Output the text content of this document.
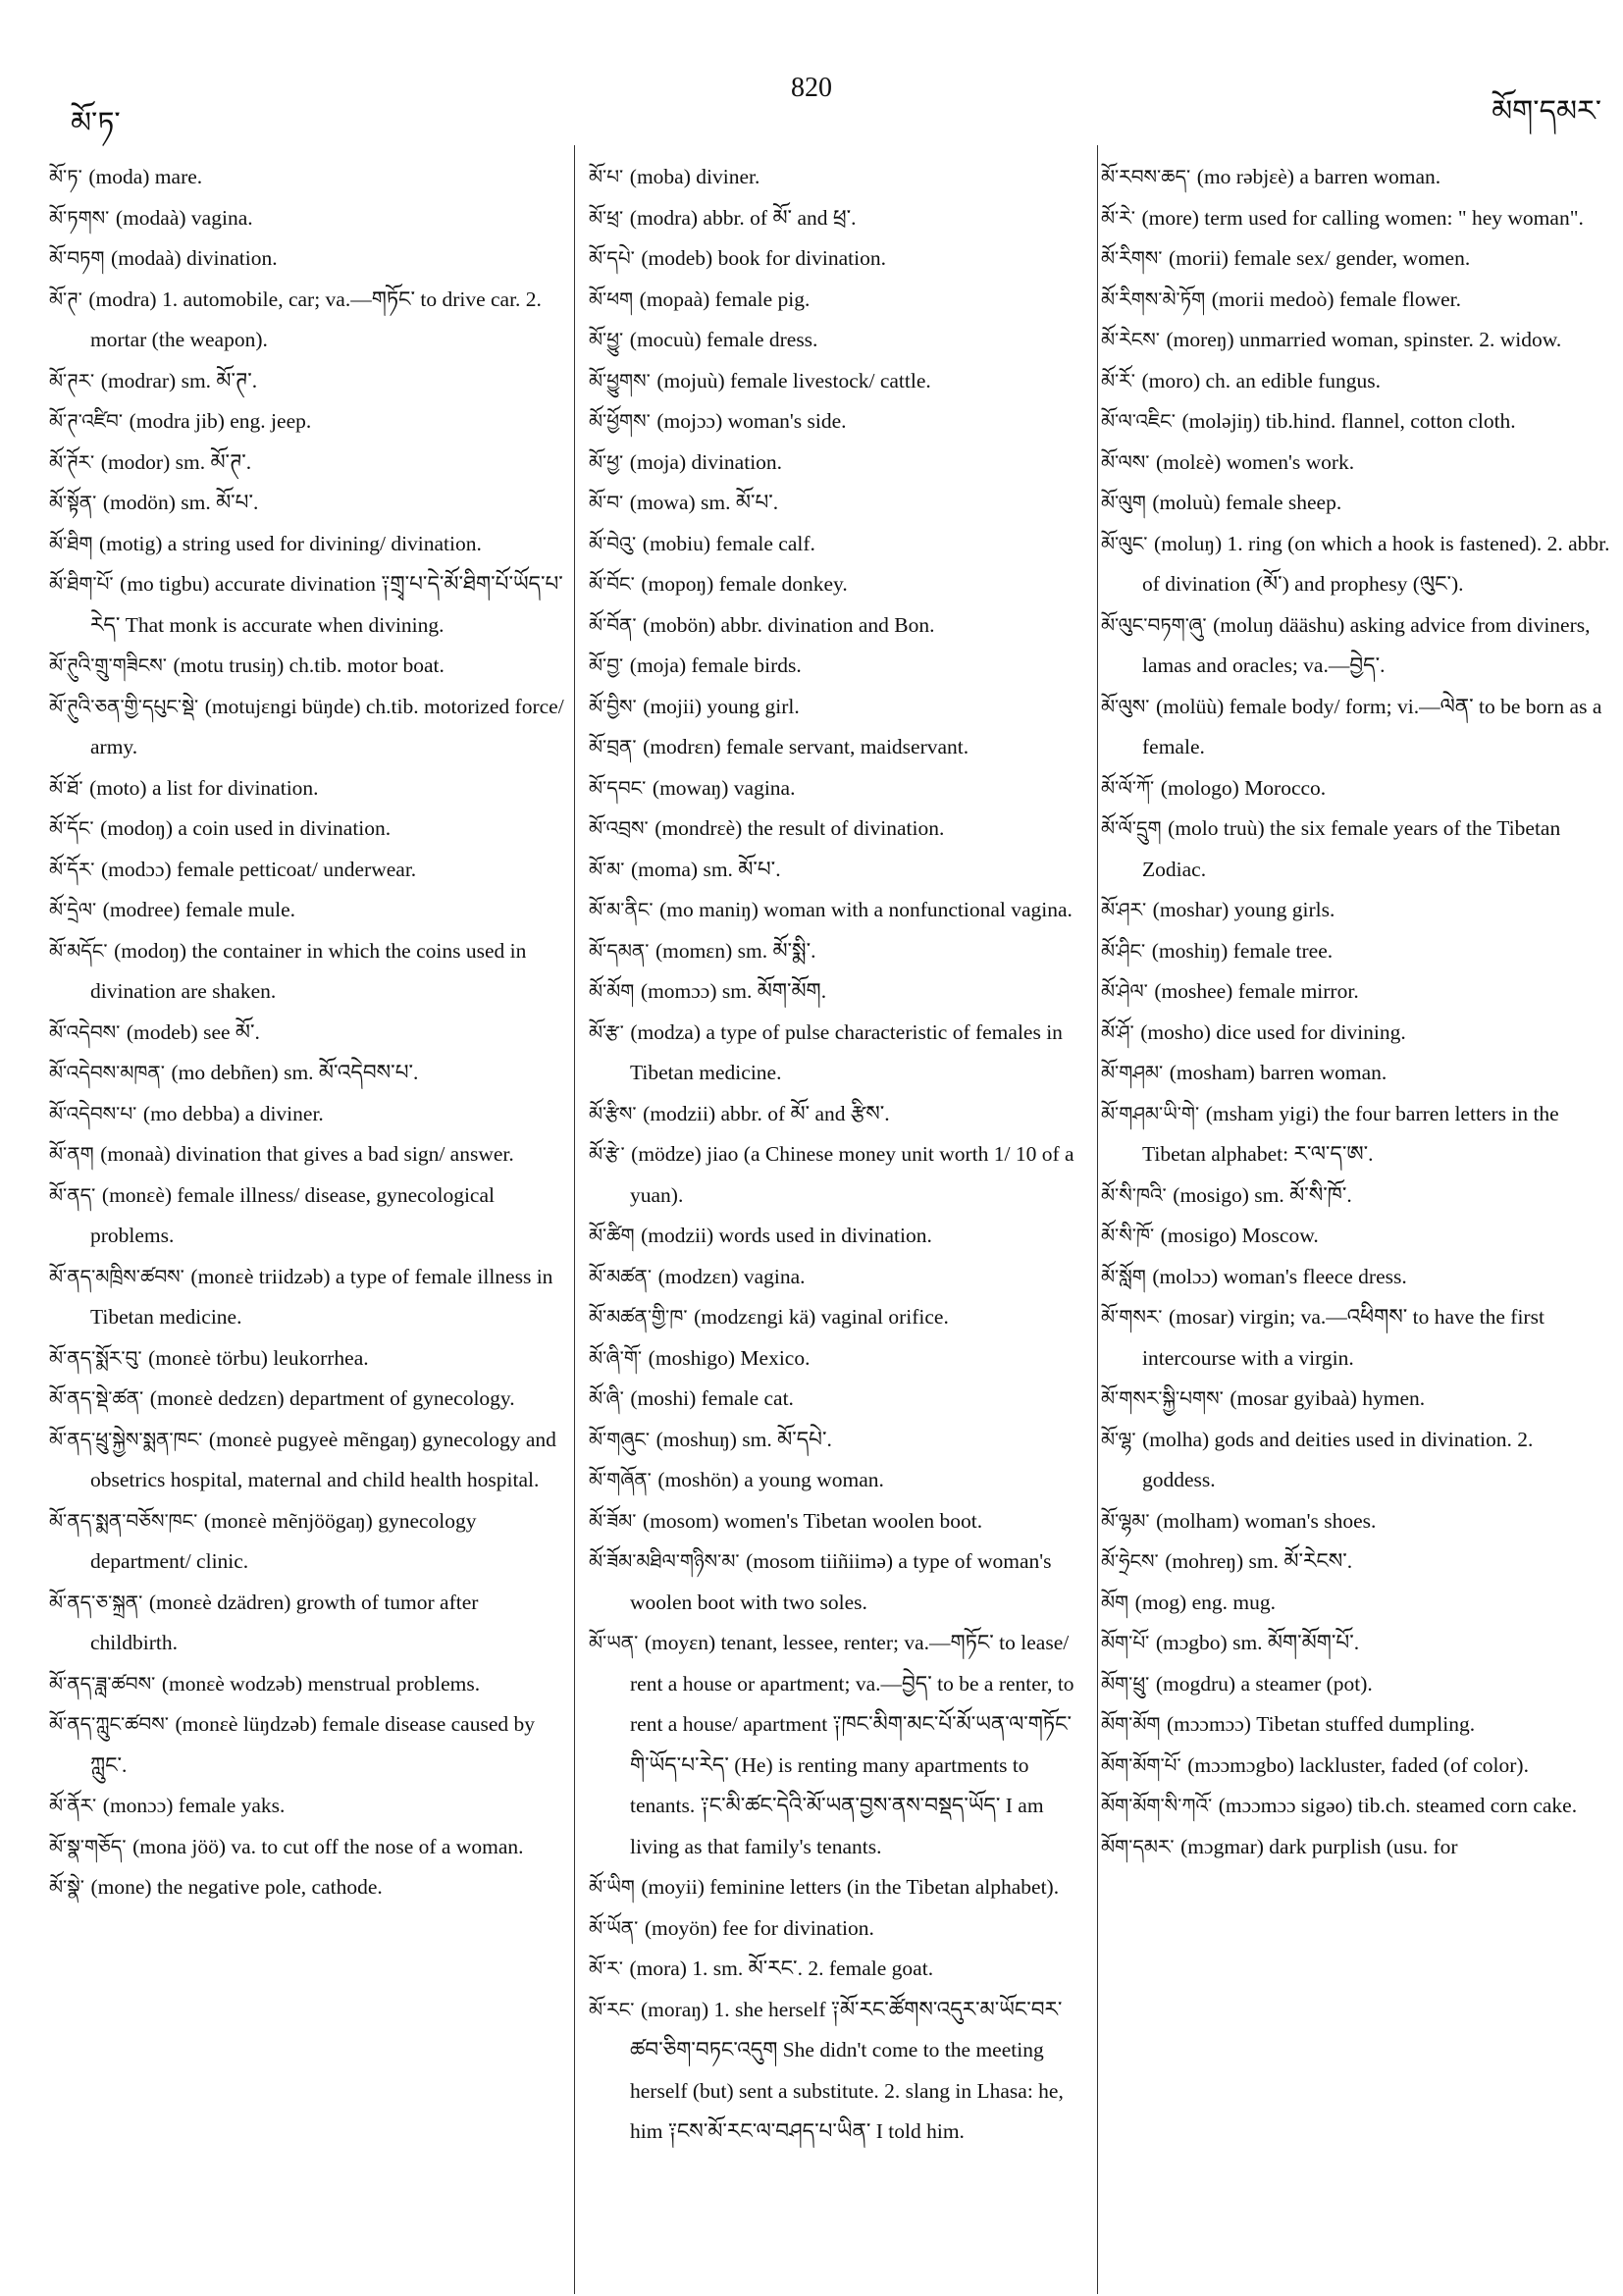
མོ་ཏ་
820
མོག་དམར་

མོ་ཏ་ (moda) mare.

མོ་ཏགས་ (modaà) vagina.

མོ་བཏག (modaà) divination.

མོ་ཊ་ (modra) 1. automobile, car; va.—གཏོང་ to drive car. 2. mortar (the weapon).

མོ་ཊར་ (modrar) sm. མོ་ཊ་.

མོ་ཊ་འཛིབ་ (modra jib) eng. jeep.

མོ་ཊོར་ (modor) sm. མོ་ཊ་.

མོ་སྟོན་ (modön) sm. མོ་པ་.

མོ་ཐིག (motig) a string used for divining/ divination.

མོ་ཐིག་པོ་ (mo tigbu) accurate divination ༑གྲྭ་པ་དེ་མོ་ཐིག་པོ་ཡོད་པ་རེད་ That monk is accurate when divining.

མོ་ཊུའི་གྲུ་གཟིངས་ (motu trusiŋ) ch.tib. motor boat.

མོ་ཊུའི་ཅན་གྱི་དཔུང་སྡེ་ (motujɛngi büŋde) ch.tib. motorized force/ army.

མོ་ཐོ་ (moto) a list for divination.

མོ་དོང་ (modoŋ) a coin used in divination.

མོ་དོར་ (modɔɔ) female petticoat/ underwear.

མོ་དྲེལ་ (modree) female mule.

མོ་མདོང་ (modoŋ) the container in which the coins used in divination are shaken.

མོ་འདེབས་ (modeb) see མོ་.

མོ་འདེབས་མཁན་ (mo debñen) sm. མོ་འདེབས་པ་.

མོ་འདེབས་པ་ (mo debba) a diviner.

མོ་ནག (monaà) divination that gives a bad sign/ answer.

མོ་ནད་ (monɛè) female illness/ disease, gynecological problems.

མོ་ནད་མཁྲིས་ཚབས་ (monɛè triidzəb) a type of female illness in Tibetan medicine.

མོ་ནད་སྨོར་བུ་ (monɛè törbu) leukorrhea.

མོ་ནད་སྡེ་ཚན་ (monɛè dedzɛn) department of gynecology.

མོ་ནད་ཕྲུ་སྐྱེས་སྨན་ཁང་ (monɛè pugyeè mẽngaŋ) gynecology and obsetrics hospital, maternal and child health hospital.

མོ་ནད་སྨན་བཅོས་ཁང་ (monɛè mẽnjöögaŋ) gynecology department/ clinic.

མོ་ནད་ཅ་སྐྲན་ (monɛè dzädren) growth of tumor after childbirth.

མོ་ནད་ཟླ་ཚབས་ (monɛè wodzəb) menstrual problems.

མོ་ནད་ཀླུང་ཚབས་ (monɛè lüŋdzəb) female disease caused by ཀླུང་.

མོ་ནོར་ (monɔɔ) female yaks.

མོ་སྣ་གཅོད་ (mona jöö) va. to cut off the nose of a woman.

མོ་སྣེ་ (mone) the negative pole, cathode.

མོ་པ་ (moba) diviner.

མོ་ཕྲ་ (modra) abbr. of མོ་ and ཕྲ་.

མོ་དཔེ་ (modeb) book for divination.

མོ་ཕག (mopaà) female pig.

མོ་ཕྱུ་ (mocuù) female dress.

མོ་ཕྱུགས་ (mojuù) female livestock/ cattle.

མོ་ཕྱོགས་ (mojɔɔ) woman's side.

མོ་ཕྱ་ (moja) divination.

མོ་བ་ (mowa) sm. མོ་པ་.

མོ་བེའུ་ (mobiu) female calf.

མོ་བོང་ (mopoŋ) female donkey.

མོ་བོན་ (mobön) abbr. divination and Bon.

མོ་བྱ་ (moja) female birds.

མོ་བྱིས་ (mojii) young girl.

མོ་བྲན་ (modrɛn) female servant, maidservant.

མོ་དབང་ (mowaŋ) vagina.

མོ་འབྲས་ (mondrɛè) the result of divination.

མོ་མ་ (moma) sm. མོ་པ་.

མོ་མ་ནིང་ (mo maniŋ) woman with a nonfunctional vagina.

མོ་དམན་ (momɛn) sm. མོ་སྨི་.

མོ་མོག (momɔɔ) sm. མོག་མོག.

མོ་རྩ་ (modza) a type of pulse characteristic of females in Tibetan medicine.

མོ་རྩིས་ (modzii) abbr. of མོ་ and རྩིས་.

མོ་རྩེ་ (mödze) jiao (a Chinese money unit worth 1/ 10 of a yuan).

མོ་ཚིག (modzii) words used in divination.

མོ་མཚན་ (modzɛn) vagina.

མོ་མཚན་གྱི་ཁ་ (modzɛngi kä) vaginal orifice.

མོ་ཞི་གོ་ (moshigo) Mexico.

མོ་ཞི་ (moshi) female cat.

མོ་གཞུང་ (moshuŋ) sm. མོ་དཔེ་.

མོ་གཞོན་ (moshön) a young woman.

མོ་ཟོམ་ (mosom) women's Tibetan woolen boot.

མོ་ཟོམ་མཐིལ་གཉིས་མ་ (mosom tiiñiimə) a type of woman's woolen boot with two soles.

མོ་ཡན་ (moyɛn) tenant, lessee, renter; va.—གཏོང་ to lease/ rent a house or apartment; va.—བྱེད་ to be a renter, to rent a house/ apartment ༑ཁང་མིག་མང་པོ་མོ་ཡན་ལ་གཏོང་གི་ཡོད་པ་རེད་ (He) is renting many apartments to tenants. ༑ང་མི་ཚང་དེའི་མོ་ཡན་བྱས་ནས་བསྡད་ཡོད་ I am living as that family's tenants.

མོ་ཡིག (moyii) feminine letters (in the Tibetan alphabet).

མོ་ཡོན་ (moyön) fee for divination.

མོ་ར་ (mora) 1. sm. མོ་རང་. 2. female goat.

མོ་རང་ (moraŋ) 1. she herself ༑མོ་རང་ཚོགས་འདུར་མ་ཡོང་བར་ཚབ་ཅིག་བཏང་འདུག She didn't come to the meeting herself (but) sent a substitute. 2. slang in Lhasa: he, him ༑ངས་མོ་རང་ལ་བཤད་པ་ཡིན་ I told him.

མོ་རབས་ཆད་ (mo rəbjɛè) a barren woman.

མོ་རེ་ (more) term used for calling women: " hey woman".

མོ་རིགས་ (morii) female sex/ gender, women.

མོ་རིགས་མེ་ཏོག (morii medoò) female flower.

མོ་རེངས་ (moreŋ) unmarried woman, spinster. 2. widow.

མོ་རོ་ (moro) ch. an edible fungus.

མོ་ལ་འཇིང་ (moləjiŋ) tib.hind. flannel, cotton cloth.

མོ་ལས་ (molɛè) women's work.

མོ་ལུག (moluù) female sheep.

མོ་ལུང་ (moluŋ) 1. ring (on which a hook is fastened). 2. abbr. of divination (མོ་) and prophesy (ལུང་).

མོ་ལུང་བཏག་ཞུ་ (moluŋ dääshu) asking advice from diviners, lamas and oracles; va.—བྱེད་.

མོ་ལུས་ (molüù) female body/ form; vi.—ལེན་ to be born as a female.

མོ་ལོ་ཀོ་ (mologo) Morocco.

མོ་ལོ་དྲུག (molo truù) the six female years of the Tibetan Zodiac.

མོ་ཤར་ (moshar) young girls.

མོ་ཤིང་ (moshiŋ) female tree.

མོ་ཤེལ་ (moshee) female mirror.

མོ་ཤོ་ (mosho) dice used for divining.

མོ་གཤམ་ (mosham) barren woman.

མོ་གཤམ་ཡི་གེ་ (msham yigi) the four barren letters in the Tibetan alphabet: ར་ལ་ད་ཨ་.

མོ་སི་ཁའི་ (mosigo) sm. མོ་སི་ཁོ་.

མོ་སི་ཁོ་ (mosigo) Moscow.

མོ་སློག (molɔɔ) woman's fleece dress.

མོ་གསར་ (mosar) virgin; va.—འཕིགས་ to have the first intercourse with a virgin.

མོ་གསར་སྐྱི་པགས་ (mosar gyibaà) hymen.

མོ་ལྷ་ (molha) gods and deities used in divination. 2. goddess.

མོ་ལྷམ་ (molham) woman's shoes.

མོ་ཧྲེངས་ (mohreŋ) sm. མོ་རེངས་.

མོག (mog) eng. mug.

མོག་པོ་ (mɔgbo) sm. མོག་མོག་པོ་.

མོག་ཕྲུ་ (mogdru) a steamer (pot).

མོག་མོག (mɔɔmɔɔ) Tibetan stuffed dumpling.

མོག་མོག་པོ་ (mɔɔmɔgbo) lackluster, faded (of color).

མོག་མོག་སི་ཀའོ་ (mɔɔmɔɔ sigəo) tib.ch. steamed corn cake.

མོག་དམར་ (mɔgmar) dark purplish (usu. for
